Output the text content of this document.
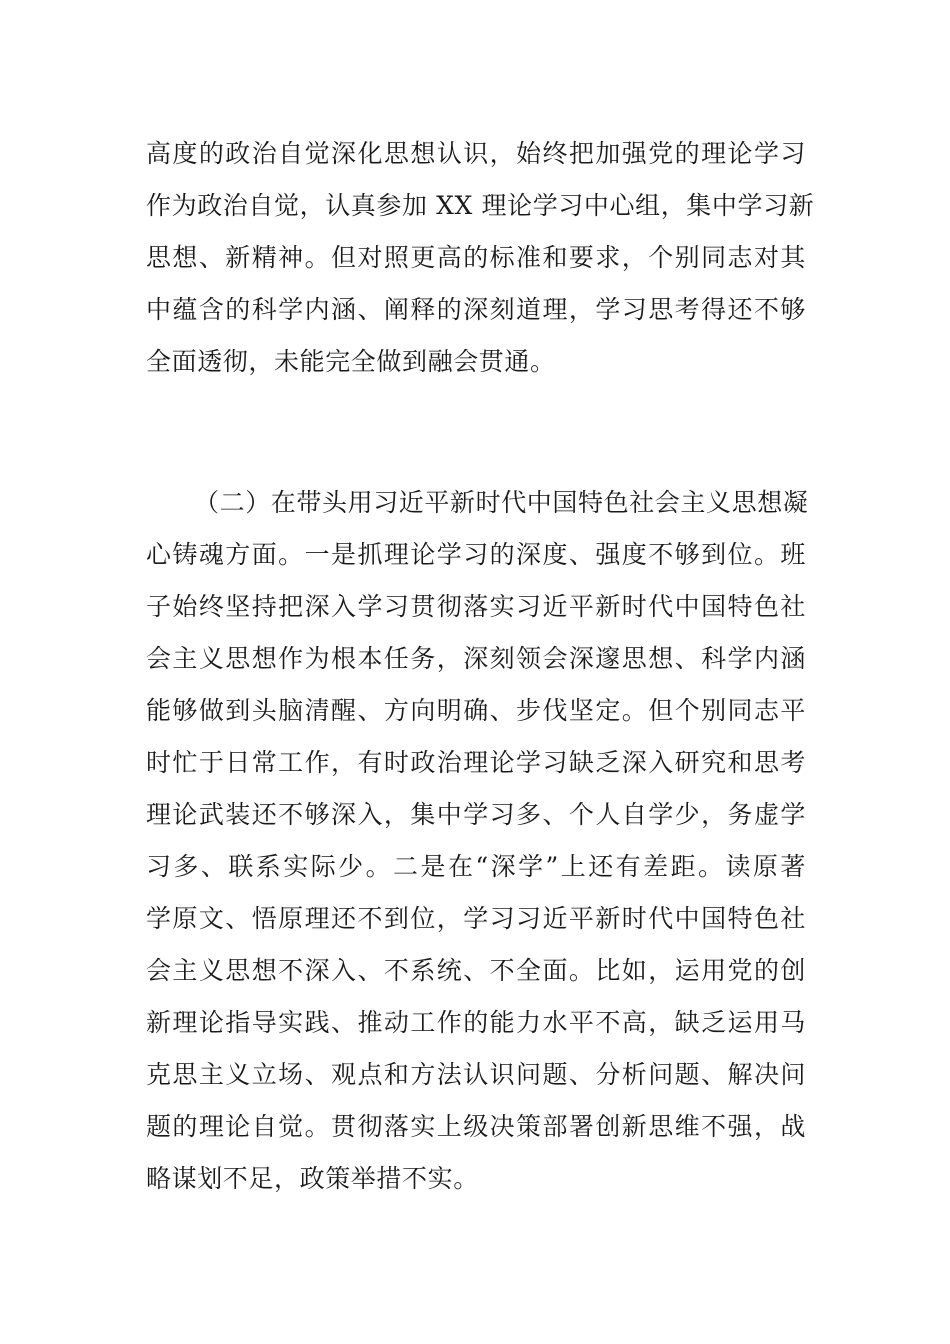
高度的政治自觉深化思想认识，始终把加强党的理论学习
作为政治自觉，认真参加 XX 理论学习中心组，集中学习新
思想、新精神。但对照更高的标准和要求，个别同志对其
中蕴含的科学内涵、阐释的深刻道理，学习思考得还不够
全面透彻，未能完全做到融会贯通。
（二）在带头用习近平新时代中国特色社会主义思想凝
心铸魂方面。一是抓理论学习的深度、强度不够到位。班
子始终坚持把深入学习贯彻落实习近平新时代中国特色社
会主义思想作为根本任务，深刻领会深邃思想、科学内涵
能够做到头脑清醒、方向明确、步伐坚定。但个别同志平
时忙于日常工作，有时政治理论学习缺乏深入研究和思考
理论武装还不够深入，集中学习多、个人自学少，务虚学
习多、联系实际少。二是在“深学”上还有差距。读原著
学原文、悟原理还不到位，学习习近平新时代中国特色社
会主义思想不深入、不系统、不全面。比如，运用党的创
新理论指导实践、推动工作的能力水平不高，缺乏运用马
克思主义立场、观点和方法认识问题、分析问题、解决问
题的理论自觉。贯彻落实上级决策部署创新思维不强，战
略谋划不足，政策举措不实。
